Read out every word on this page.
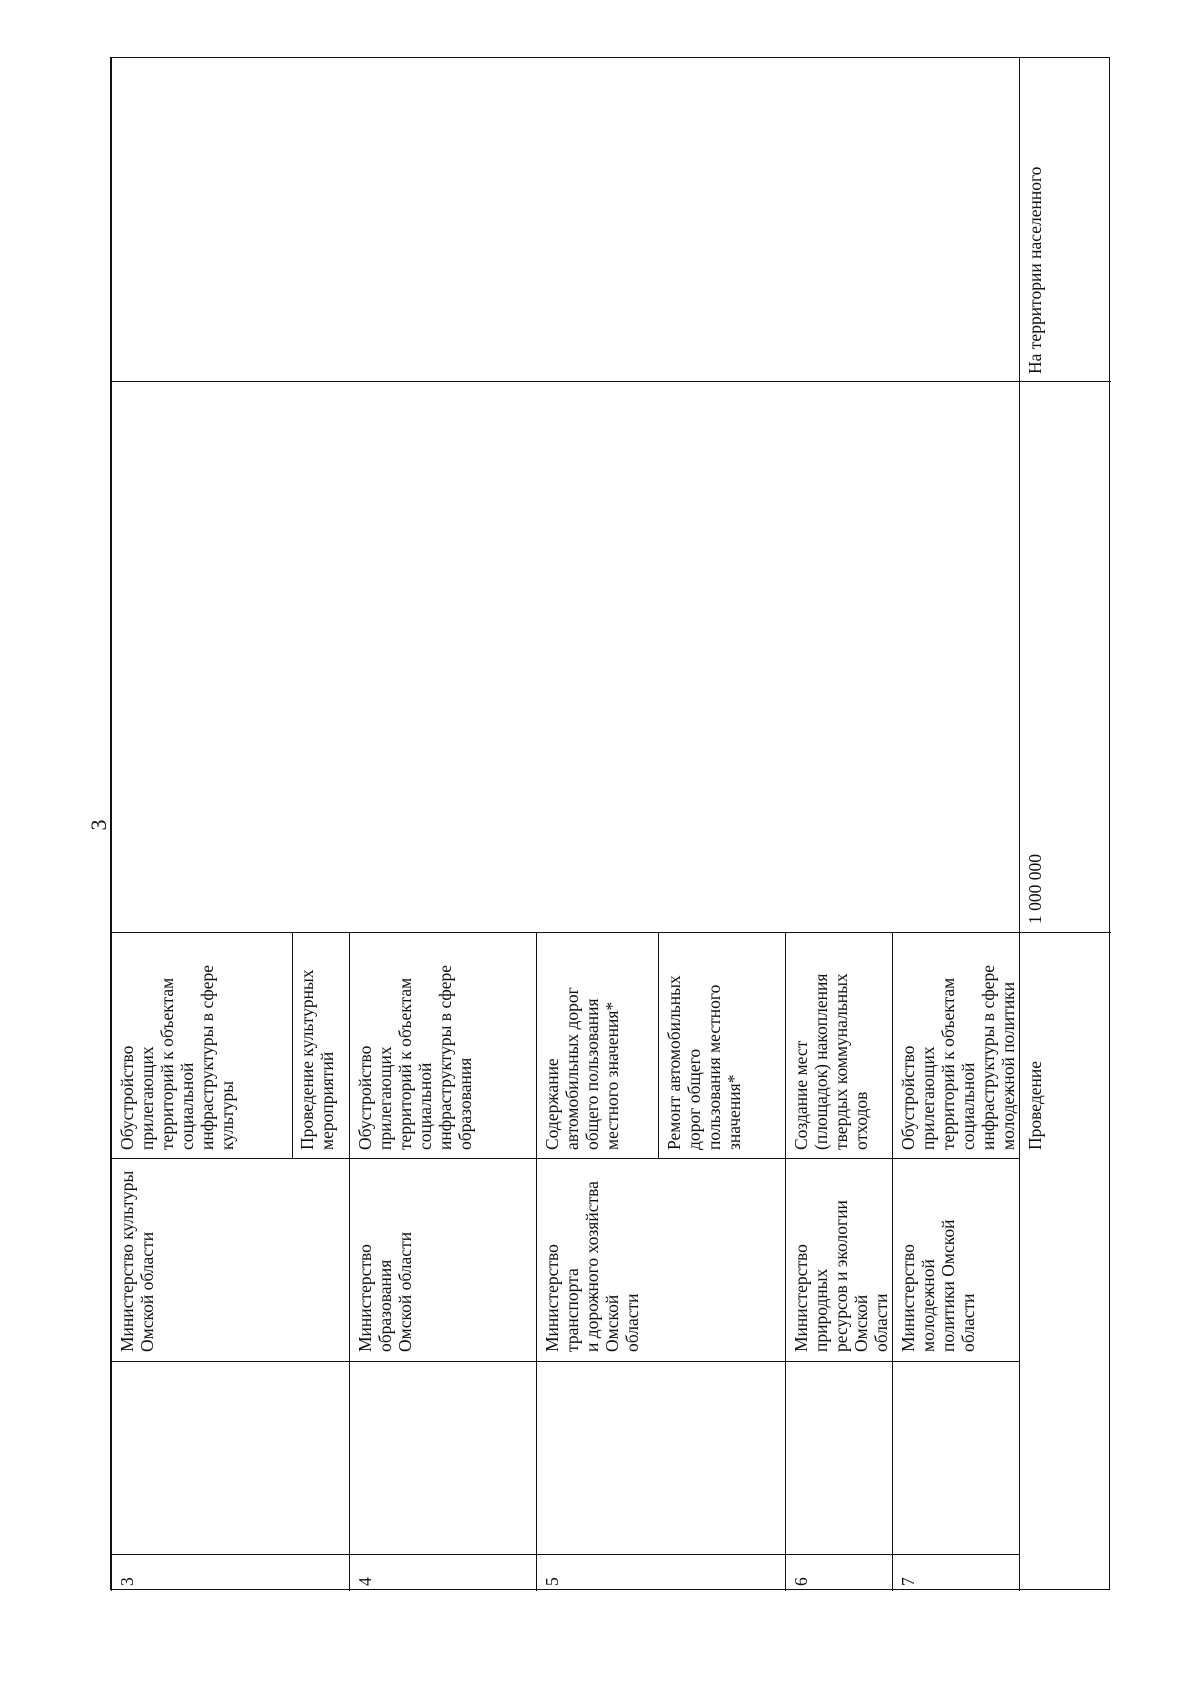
3
3
Министерство культуры
Омской области
Обустройство
прилегающих
территорий к объектам
социальной
инфраструктуры в сфере
культуры	Проведение культурных
мероприятий
4
Министерство образования
Омской области
Обустройство
прилегающих
территорий к объектам
социальной
инфраструктуры в сфере
образования
5
Министерство транспорта
и дорожного хозяйства Омской
области
Содержание
автомобильных дорог
общего пользования
местного значения*
Ремонт автомобильных
дорог общего
пользования местного
значения*
6
Министерство природных
ресурсов и экологии Омской
области
Создание мест
(площадок) накопления
твердых коммунальных
отходов
7
Министерство молодежной
политики Омской области
Обустройство
прилегающих
территорий к объектам
социальной
инфраструктуры в сфере
молодежной политики
Проведение
1 000 000
На территории населенного
